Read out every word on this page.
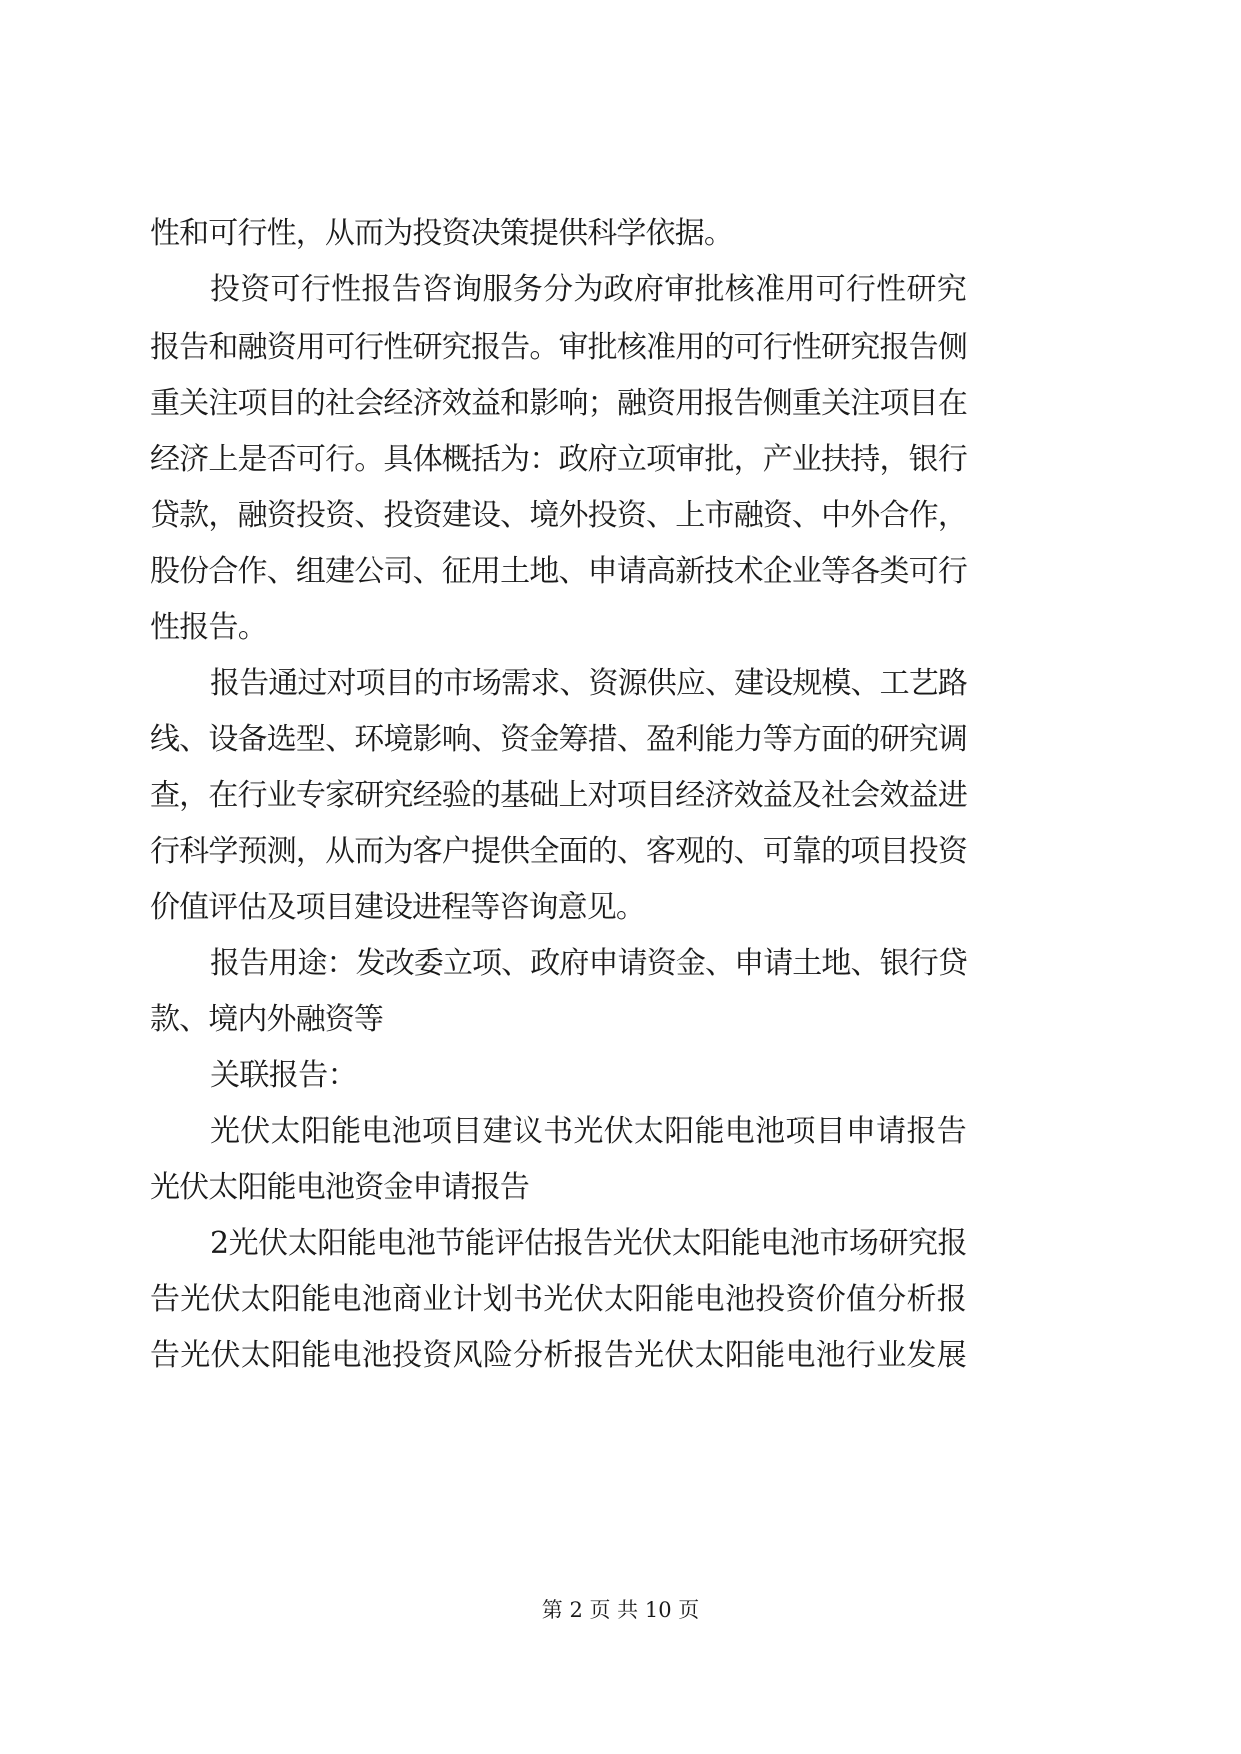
性和可行性，从而为投资决策提供科学依据。
投资可行性报告咨询服务分为政府审批核准用可行性研究
报告和融资用可行性研究报告。审批核准用的可行性研究报告侧
重关注项目的社会经济效益和影响；融资用报告侧重关注项目在
经济上是否可行。具体概括为：政府立项审批，产业扶持，银行
贷款，融资投资、投资建设、境外投资、上市融资、中外合作，
股份合作、组建公司、征用土地、申请高新技术企业等各类可行
性报告。
报告通过对项目的市场需求、资源供应、建设规模、工艺路
线、设备选型、环境影响、资金筹措、盈利能力等方面的研究调
查，在行业专家研究经验的基础上对项目经济效益及社会效益进
行科学预测，从而为客户提供全面的、客观的、可靠的项目投资
价值评估及项目建设进程等咨询意见。
报告用途：发改委立项、政府申请资金、申请土地、银行贷
款、境内外融资等
关联报告：
光伏太阳能电池项目建议书光伏太阳能电池项目申请报告
光伏太阳能电池资金申请报告
2光伏太阳能电池节能评估报告光伏太阳能电池市场研究报
告光伏太阳能电池商业计划书光伏太阳能电池投资价值分析报
告光伏太阳能电池投资风险分析报告光伏太阳能电池行业发展
第 2 页 共 10 页
